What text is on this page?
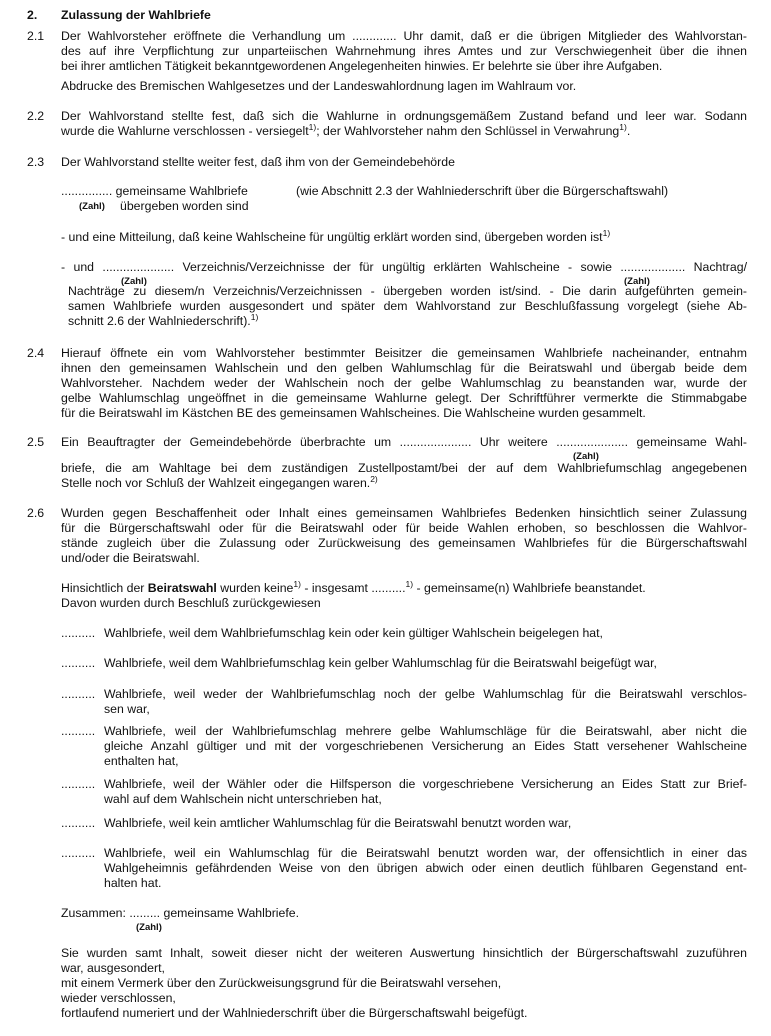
2. Zulassung der Wahlbriefe
2.1 Der Wahlvorsteher eröffnete die Verhandlung um ............. Uhr damit, daß er die übrigen Mitglieder des Wahlvorstan-
des auf ihre Verpflichtung zur unparteiischen Wahrnehmung ihres Amtes und zur Verschwiegenheit über die ihnen
bei ihrer amtlichen Tätigkeit bekanntgewordenen Angelegenheiten hinwies. Er belehrte sie über ihre Aufgaben.
Abdrucke des Bremischen Wahlgesetzes und der Landeswahlordnung lagen im Wahlraum vor.
2.2 Der Wahlvorstand stellte fest, daß sich die Wahlurne in ordnungsgemäßem Zustand befand und leer war. Sodann
wurde die Wahlurne verschlossen - versiegelt$^{1)}$; der Wahlvorsteher nahm den Schlüssel in Verwahrung$^{1)}$.
2.3 Der Wahlvorstand stellte weiter fest, daß ihm von der Gemeindebehörde
............... gemeinsame Wahlbriefe	(wie Abschnitt 2.3 der Wahlniederschrift über die Bürgerschaftswahl)
(Zahl) übergeben worden sind
- und eine Mitteilung, daß keine Wahlscheine für ungültig erklärt worden sind, übergeben worden ist$^{1)}$
- und ..................... Verzeichnis/Verzeichnisse der für ungültig erklärten Wahlscheine - sowie ................... Nachtrag/
(Zahl)	(Zahl)
Nachträge zu diesem/n Verzeichnis/Verzeichnissen - übergeben worden ist/sind. - Die darin aufgeführten gemein-
samen Wahlbriefe wurden ausgesondert und später dem Wahlvorstand zur Beschlußfassung vorgelegt (siehe Ab-
schnitt 2.6 der Wahlniederschrift).$^{1)}$
2.4 Hierauf öffnete ein vom Wahlvorsteher bestimmter Beisitzer die gemeinsamen Wahlbriefe nacheinander, entnahm
ihnen den gemeinsamen Wahlschein und den gelben Wahlumschlag für die Beiratswahl und übergab beide dem
Wahlvorsteher. Nachdem weder der Wahlschein noch der gelbe Wahlumschlag zu beanstanden war, wurde der
gelbe Wahlumschlag ungeöffnet in die gemeinsame Wahlurne gelegt. Der Schriftführer vermerkte die Stimmabgabe
für die Beiratswahl im Kästchen BE des gemeinsamen Wahlscheines. Die Wahlscheine wurden gesammelt.
2.5 Ein Beauftragter der Gemeindebehörde überbrachte um ..................... Uhr weitere ..................... gemeinsame Wahl-
(Zahl)
briefe, die am Wahltage bei dem zuständigen Zustellpostamt/bei der auf dem Wahlbriefumschlag angegebenen
Stelle noch vor Schluß der Wahlzeit eingegangen waren.$^{2)}$
2.6 Wurden gegen Beschaffenheit oder Inhalt eines gemeinsamen Wahlbriefes Bedenken hinsichtlich seiner Zulassung
für die Bürgerschaftswahl oder für die Beiratswahl oder für beide Wahlen erhoben, so beschlossen die Wahlvor-
stände zugleich über die Zulassung oder Zurückweisung des gemeinsamen Wahlbriefes für die Bürgerschaftswahl
und/oder die Beiratswahl.
Hinsichtlich der Beiratswahl wurden keine$^{1)}$ - insgesamt ..........$^{1)}$ - gemeinsame(n) Wahlbriefe beanstandet.
Davon wurden durch Beschluß zurückgewiesen
.......... Wahlbriefe, weil dem Wahlbriefumschlag kein oder kein gültiger Wahlschein beigelegen hat,
.......... Wahlbriefe, weil dem Wahlbriefumschlag kein gelber Wahlumschlag für die Beiratswahl beigefügt war,
.......... Wahlbriefe, weil weder der Wahlbriefumschlag noch der gelbe Wahlumschlag für die Beiratswahl verschlos-
sen war,
.......... Wahlbriefe, weil der Wahlbriefumschlag mehrere gelbe Wahlumschläge für die Beiratswahl, aber nicht die
gleiche Anzahl gültiger und mit der vorgeschriebenen Versicherung an Eides Statt versehener Wahlscheine
enthalten hat,
.......... Wahlbriefe, weil der Wähler oder die Hilfsperson die vorgeschriebene Versicherung an Eides Statt zur Brief-
wahl auf dem Wahlschein nicht unterschrieben hat,
.......... Wahlbriefe, weil kein amtlicher Wahlumschlag für die Beiratswahl benutzt worden war,
.......... Wahlbriefe, weil ein Wahlumschlag für die Beiratswahl benutzt worden war, der offensichtlich in einer das
Wahlgeheimnis gefährdenden Weise von den übrigen abwich oder einen deutlich fühlbaren Gegenstand ent-
halten hat.
Zusammen: ......... gemeinsame Wahlbriefe.
(Zahl)
Sie wurden samt Inhalt, soweit dieser nicht der weiteren Auswertung hinsichtlich der Bürgerschaftswahl zuzuführen
war, ausgesondert,
mit einem Vermerk über den Zurückweisungsgrund für die Beiratswahl versehen,
wieder verschlossen,
fortlaufend numeriert und der Wahlniederschrift über die Bürgerschaftswahl beigefügt.
